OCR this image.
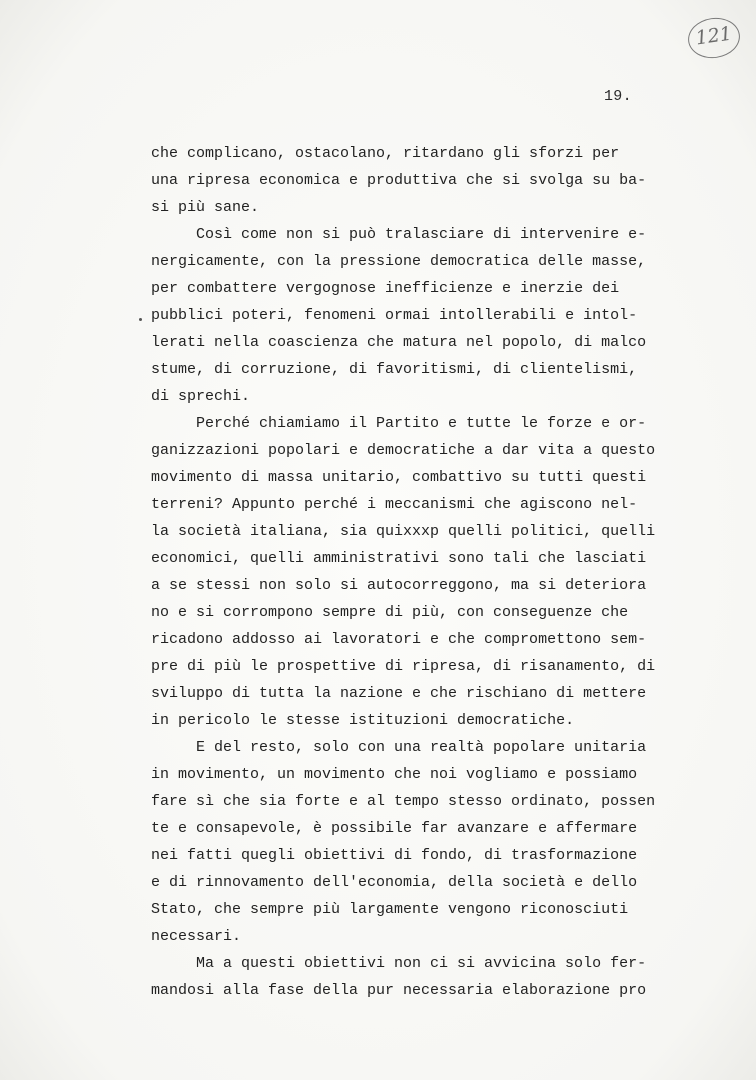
121
19.
che complicano, ostacolano, ritardano gli sforzi per
una ripresa economica e produttiva che si svolga su ba-
si più sane.
Così come non si può tralasciare di intervenire e-
nergicamente, con la pressione democratica delle masse,
per combattere vergognose inefficienze e inerzie dei
pubblici poteri, fenomeni ormai intollerabili e intol-
lerati nella coascienza che matura nel popolo, di malco
stume, di corruzione, di favoritismi, di clientelismi,
di sprechi.
Perché chiamiamo il Partito e tutte le forze e or-
ganizzazioni popolari e democratiche a dar vita a questo
movimento di massa unitario, combattivo su tutti questi
terreni? Appunto perché i meccanismi che agiscono nel-
la società italiana, sia quixxxp quelli politici, quelli
economici, quelli amministrativi sono tali che lasciati
a se stessi non solo si autocorreggono, ma si deteriora
no e si corrompono sempre di più, con conseguenze che
ricadono addosso ai lavoratori e che compromettono sem-
pre di più le prospettive di ripresa, di risanamento, di
sviluppo di tutta la nazione e che rischiano di mettere
in pericolo le stesse istituzioni democratiche.
E del resto, solo con una realtà popolare unitaria
in movimento, un movimento che noi vogliamo e possiamo
fare sì che sia forte e al tempo stesso ordinato, possen
te e consapevole, è possibile far avanzare e affermare
nei fatti quegli obiettivi di fondo, di trasformazione
e di rinnovamento dell'economia, della società e dello
Stato, che sempre più largamente vengono riconosciuti
necessari.
Ma a questi obiettivi non ci si avvicina solo fer-
mandosi alla fase della pur necessaria elaborazione pro
